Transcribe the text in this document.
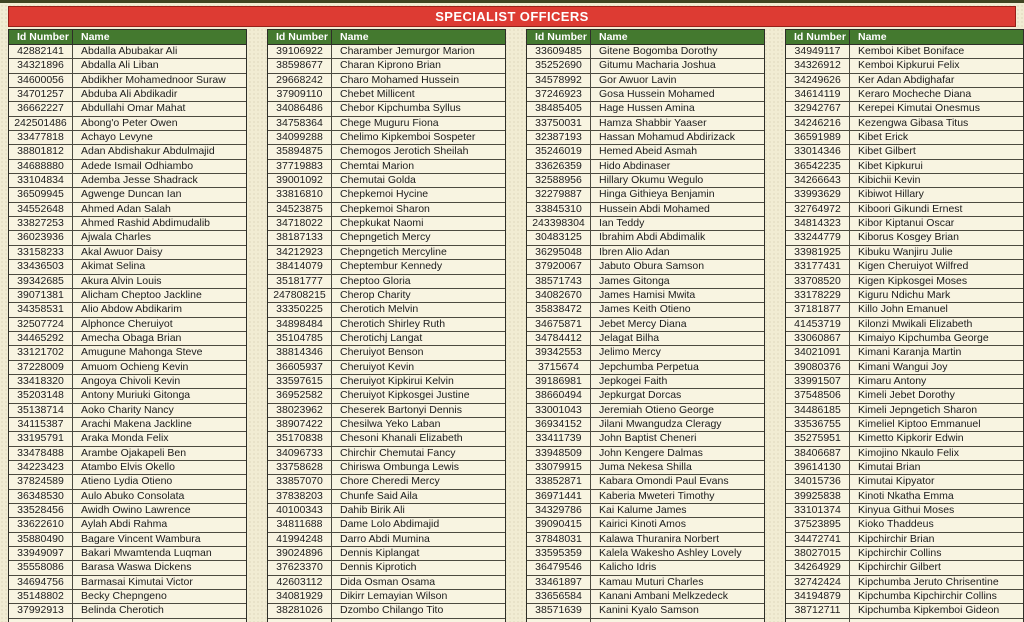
SPECIALIST OFFICERS
Id Number	Name
42882141	Abdalla Abubakar Ali
34321896	Abdalla Ali Liban
34600056	Abdikher Mohamednoor Suraw
34701257	Abduba Ali Abdikadir
36662227	Abdullahi Omar Mahat
242501486	Abong'o Peter Owen
33477818	Achayo Levyne
38801812	Adan Abdishakur Abdulmajid
34688880	Adede Ismail Odhiambo
33104834	Ademba Jesse Shadrack
36509945	Agwenge Duncan Ian
34552648	Ahmed Adan Salah
33827253	Ahmed Rashid Abdimudalib
36023936	Ajwala Charles
33158233	Akal Awuor Daisy
33436503	Akimat Selina
39342685	Akura Alvin Louis
39071381	Alicham Cheptoo Jackline
34358531	Alio Abdow Abdikarim
32507724	Alphonce Cheruiyot
34465292	Amecha Obaga Brian
33121702	Amugune Mahonga Steve
37228009	Amuom Ochieng Kevin
33418320	Angoya Chivoli Kevin
35203148	Antony Muriuki Gitonga
35138714	Aoko Charity Nancy
34115387	Arachi Makena Jackline
33195791	Araka Monda Felix
33478488	Arambe Ojakapeli Ben
34223423	Atambo Elvis Okello
37824589	Atieno Lydia Otieno
36348530	Aulo Abuko Consolata
33528456	Awidh Owino Lawrence
33622610	Aylah Abdi Rahma
35880490	Bagare Vincent Wambura
33949097	Bakari Mwamtenda Luqman
35558086	Barasa Waswa Dickens
34694756	Barmasai Kimutai Victor
35148802	Becky Chepngeno
37992913	Belinda Cherotich
Id Number	Name
39106922	Charamber Jemurgor Marion
38598677	Charan Kiprono Brian
29668242	Charo Mohamed Hussein
37909110	Chebet Millicent
34086486	Chebor Kipchumba Syllus
34758364	Chege Muguru Fiona
34099288	Chelimo Kipkemboi Sospeter
35894875	Chemogos Jerotich Sheilah
37719883	Chemtai Marion
39001092	Chemutai Golda
33816810	Chepkemoi Hycine
34523875	Chepkemoi Sharon
34718022	Chepkukat Naomi
38187133	Chepngetich Mercy
34212923	Chepngetich Mercyline
38414079	Cheptembur Kennedy
35181777	Cheptoo Gloria
247808215	Cherop Charity
33350225	Cherotich Melvin
34898484	Cherotich Shirley Ruth
35104785	Cherotichj Langat
38814346	Cheruiyot Benson
36605937	Cheruiyot Kevin
33597615	Cheruiyot Kipkirui Kelvin
36952582	Cheruiyot Kipkosgei Justine
38023962	Cheserek Bartonyi Dennis
38907422	Chesilwa Yeko Laban
35170838	Chesoni Khanali Elizabeth
34096733	Chirchir Chemutai Fancy
33758628	Chiriswa Ombunga Lewis
33857070	Chore Cheredi Mercy
37838203	Chunfe Said Aila
40100343	Dahib Birik Ali
34811688	Dame Lolo Abdimajid
41994248	Darro Abdi Mumina
39024896	Dennis Kiplangat
37623370	Dennis Kiprotich
42603112	Dida Osman Osama
34081929	Dikirr Lemayian Wilson
38281026	Dzombo Chilango Tito
Id Number	Name
33609485	Gitene Bogomba Dorothy
35252690	Gitumu Macharia Joshua
34578992	Gor Awuor Lavin
37246923	Gosa Hussein Mohamed
38485405	Hage Hussen Amina
33750031	Hamza Shabbir Yaaser
32387193	Hassan Mohamud Abdirizack
35246019	Hemed Abeid Asmah
33626359	Hido Abdinaser
32588956	Hillary Okumu Wegulo
32279887	Hinga Githieya Benjamin
33845310	Hussein Abdi Mohamed
243398304	Ian Teddy
30483125	Ibrahim Abdi Abdimalik
36295048	Ibren Alio Adan
37920067	Jabuto Obura Samson
38571743	James Gitonga
34082670	James Hamisi Mwita
35838472	James Keith Otieno
34675871	Jebet Mercy Diana
34784412	Jelagat Bilha
39342553	Jelimo Mercy
3715674	Jepchumba Perpetua
39186981	Jepkogei Faith
38660494	Jepkurgat Dorcas
33001043	Jeremiah Otieno George
36934152	Jilani Mwangudza Cleragy
33411739	John Baptist Cheneri
33948509	John Kengere Dalmas
33079915	Juma Nekesa Shilla
33852871	Kabara Omondi Paul Evans
36971441	Kaberia Mweteri Timothy
34329786	Kai Kalume James
39090415	Kairici Kinoti Amos
37848031	Kalawa Thuranira Norbert
33595359	Kalela Wakesho Ashley Lovely
36479546	Kalicho Idris
33461897	Kamau Muturi Charles
33656584	Kanani Ambani Melkzedeck
38571639	Kanini Kyalo Samson
Id Number	Name
34949117	Kemboi Kibet Boniface
34326912	Kemboi Kipkurui Felix
34249626	Ker Adan Abdighafar
34614119	Keraro Mocheche Diana
32942767	Kerepei Kimutai Onesmus
34246216	Kezengwa Gibasa Titus
36591989	Kibet Erick
33014346	Kibet Gilbert
36542235	Kibet Kipkurui
34266643	Kibichii Kevin
33993629	Kibiwot Hillary
32764972	Kiboori Gikundi Ernest
34814323	Kibor Kiptanui Oscar
33244779	Kiborus Kosgey Brian
33981925	Kibuku Wanjiru Julie
33177431	Kigen Cheruiyot Wilfred
33708520	Kigen Kipkosgei Moses
33178229	Kiguru Ndichu Mark
37181877	Killo John Emanuel
41453719	Kilonzi Mwikali Elizabeth
33060867	Kimaiyo Kipchumba George
34021091	Kimani Karanja Martin
39080376	Kimani Wangui Joy
33991507	Kimaru Antony
37548506	Kimeli Jebet Dorothy
34486185	Kimeli Jepngetich Sharon
33536755	Kimeliel Kiptoo Emmanuel
35275951	Kimetto Kipkorir Edwin
38406687	Kimojino Nkaulo Felix
39614130	Kimutai Brian
34015736	Kimutai Kipyator
39925838	Kinoti Nkatha Emma
33101374	Kinyua Githui Moses
37523895	Kioko Thaddeus
34472741	Kipchirchir Brian
38027015	Kipchirchir Collins
34264929	Kipchirchir Gilbert
32742424	Kipchumba Jeruto Chrisentine
34194879	Kipchumba Kipchirchir Collins
38712711	Kipchumba Kipkemboi Gideon
